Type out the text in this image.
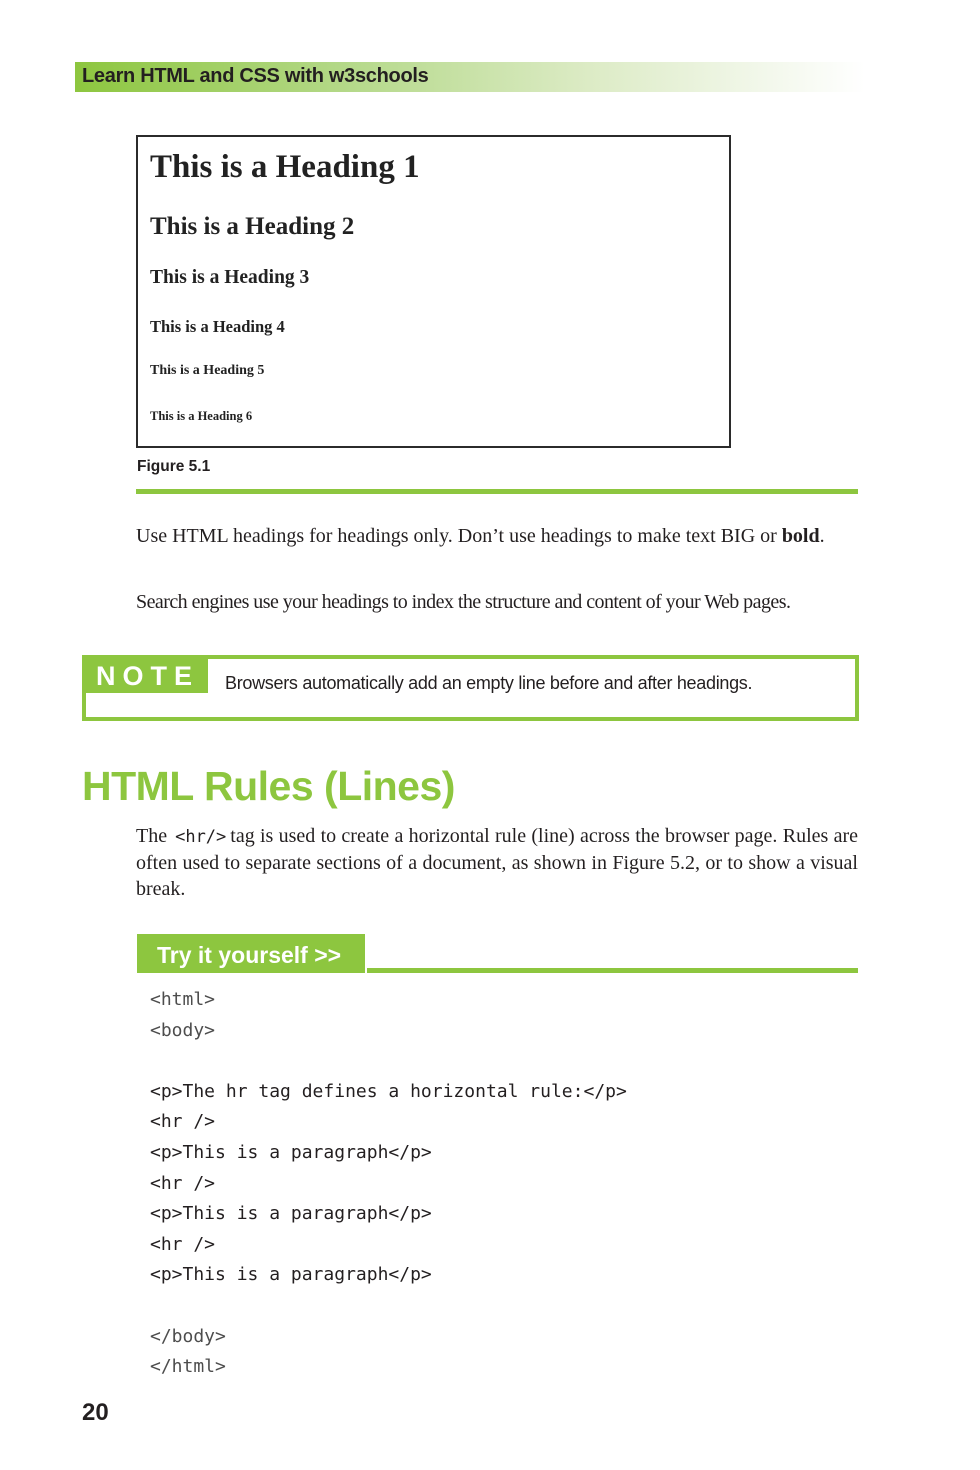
Learn HTML and CSS with w3schools
This is a Heading 1
This is a Heading 2
This is a Heading 3
This is a Heading 4
This is a Heading 5
This is a Heading 6
Figure 5.1

Use HTML headings for headings only. Don’t use headings to make text BIG or bold.

Search engines use your headings to index the structure and content of your Web pages.

NOTE	Browsers automatically add an empty line before and after headings.
HTML Rules (Lines)

The <hr/> tag is used to create a horizontal rule (line) across the browser page. Rules are often used to separate sections of a document, as shown in Figure 5.2, or to show a visual break.

Try it yourself >>
<html>
<body>
<p>The hr tag defines a horizontal rule:</p>
<hr />
<p>This is a paragraph</p>
<hr />
<p>This is a paragraph</p>
<hr />
<p>This is a paragraph</p>
</body>
</html>
20
